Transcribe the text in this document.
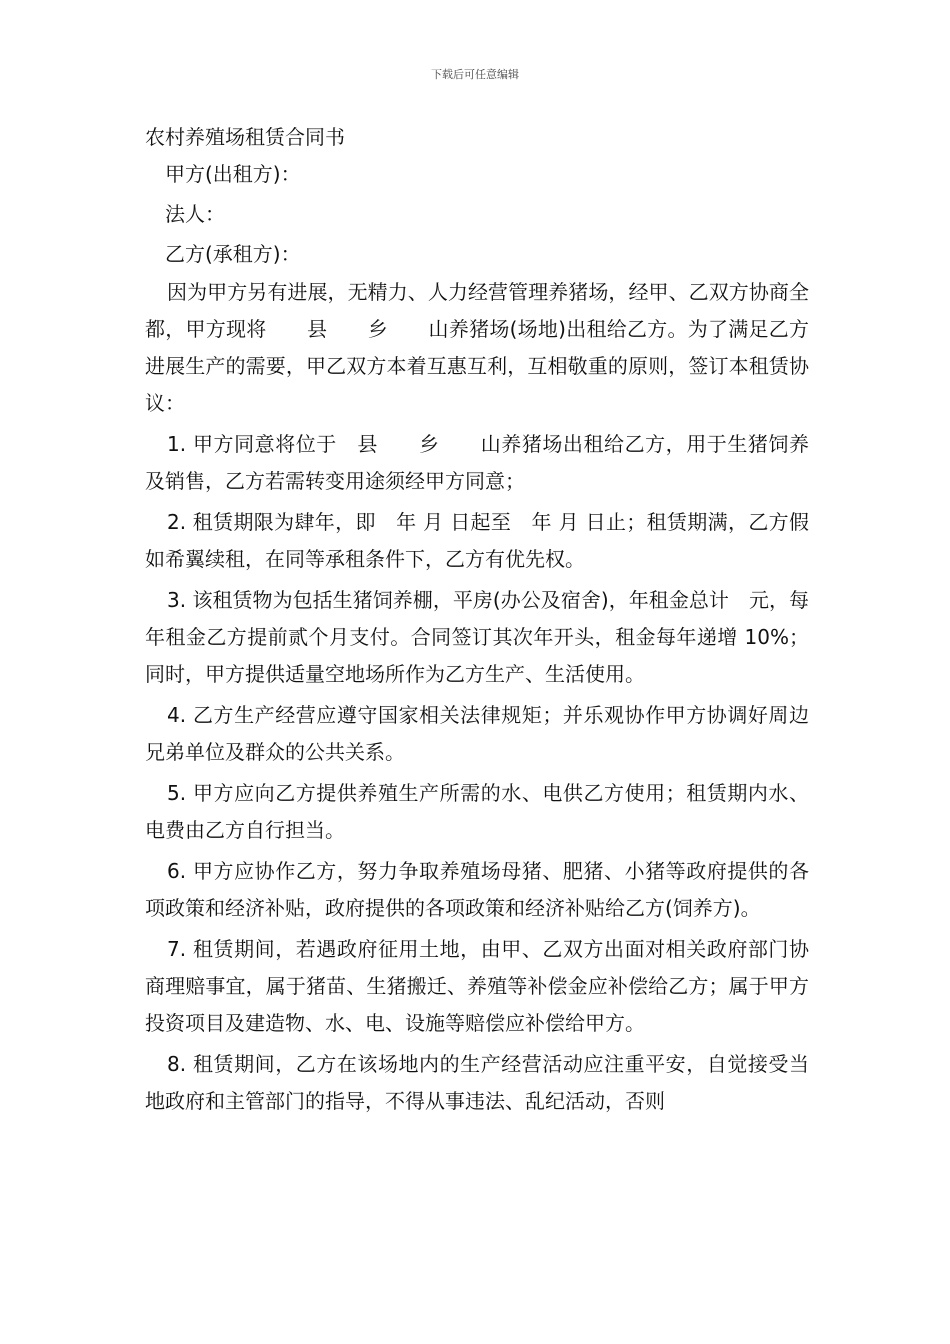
下载后可任意编辑
农村养殖场租赁合同书

甲方(出租方)：

法人：

乙方(承租方)：

因为甲方另有进展，无精力、人力经营管理养猪场，经甲、乙双方协商全都，甲方现将　　县　　乡　　山养猪场(场地)出租给乙方。为了满足乙方进展生产的需要，甲乙双方本着互惠互利，互相敬重的原则，签订本租赁协议：

1. 甲方同意将位于　县　　乡　　山养猪场出租给乙方，用于生猪饲养及销售，乙方若需转变用途须经甲方同意；

2. 租赁期限为肆年，即　年 月 日起至　年 月 日止；租赁期满，乙方假如希翼续租，在同等承租条件下，乙方有优先权。

3. 该租赁物为包括生猪饲养棚，平房(办公及宿舍)，年租金总计　元，每年租金乙方提前贰个月支付。合同签订其次年开头，租金每年递增 10%；同时，甲方提供适量空地场所作为乙方生产、生活使用。

4. 乙方生产经营应遵守国家相关法律规矩；并乐观协作甲方协调好周边兄弟单位及群众的公共关系。

5. 甲方应向乙方提供养殖生产所需的水、电供乙方使用；租赁期内水、电费由乙方自行担当。

6. 甲方应协作乙方，努力争取养殖场母猪、肥猪、小猪等政府提供的各项政策和经济补贴，政府提供的各项政策和经济补贴给乙方(饲养方)。

7. 租赁期间，若遇政府征用土地，由甲、乙双方出面对相关政府部门协商理赔事宜，属于猪苗、生猪搬迁、养殖等补偿金应补偿给乙方；属于甲方投资项目及建造物、水、电、设施等赔偿应补偿给甲方。

8. 租赁期间，乙方在该场地内的生产经营活动应注重平安，自觉接受当地政府和主管部门的指导，不得从事违法、乱纪活动，否则
